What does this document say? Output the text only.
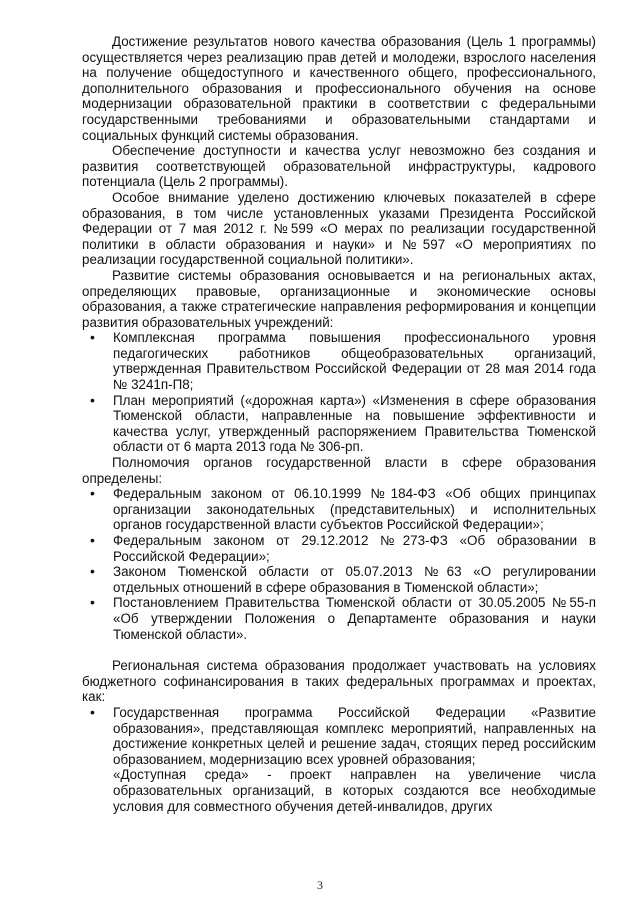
Достижение результатов нового качества образования (Цель 1 программы) осуществляется через реализацию прав детей и молодежи, взрослого населения на получение общедоступного и качественного общего, профессионального, дополнительного образования и профессионального обучения на основе модернизации образовательной практики в соответствии с федеральными государственными требованиями и образовательными стандартами и социальных функций системы образования.

Обеспечение доступности и качества услуг невозможно без создания и развития соответствующей образовательной инфраструктуры, кадрового потенциала (Цель 2 программы).

Особое внимание уделено достижению ключевых показателей в сфере образования, в том числе установленных указами Президента Российской Федерации от 7 мая 2012 г. №599 «О мерах по реализации государственной политики в области образования и науки» и №597 «О мероприятиях по реализации государственной социальной политики».

Развитие системы образования основывается и на региональных актах, определяющих правовые, организационные и экономические основы образования, а также стратегические направления реформирования и концепции развития образовательных учреждений:

• Комплексная программа повышения профессионального уровня педагогических работников общеобразовательных организаций, утвержденная Правительством Российской Федерации от 28 мая 2014 года № 3241п-П8;
• План мероприятий («дорожная карта») «Изменения в сфере образования Тюменской области, направленные на повышение эффективности и качества услуг, утвержденный распоряжением Правительства Тюменской области от 6 марта 2013 года № 306-рп.

Полномочия органов государственной власти в сфере образования определены:

• Федеральным законом от 06.10.1999 №184-ФЗ «Об общих принципах организации законодательных (представительных) и исполнительных органов государственной власти субъектов Российской Федерации»;
• Федеральным законом от 29.12.2012 №273-ФЗ «Об образовании в Российской Федерации»;
• Законом Тюменской области от 05.07.2013 №63 «О регулировании отдельных отношений в сфере образования в Тюменской области»;
• Постановлением Правительства Тюменской области от 30.05.2005 №55-п «Об утверждении Положения о Департаменте образования и науки Тюменской области».

Региональная система образования продолжает участвовать на условиях бюджетного софинансирования в таких федеральных программах и проектах, как:

• Государственная программа Российской Федерации «Развитие образования», представляющая комплекс мероприятий, направленных на достижение конкретных целей и решение задач, стоящих перед российским образованием, модернизацию всех уровней образования;
«Доступная среда» - проект направлен на увеличение числа образовательных организаций, в которых создаются все необходимые условия для совместного обучения детей-инвалидов, других
3
